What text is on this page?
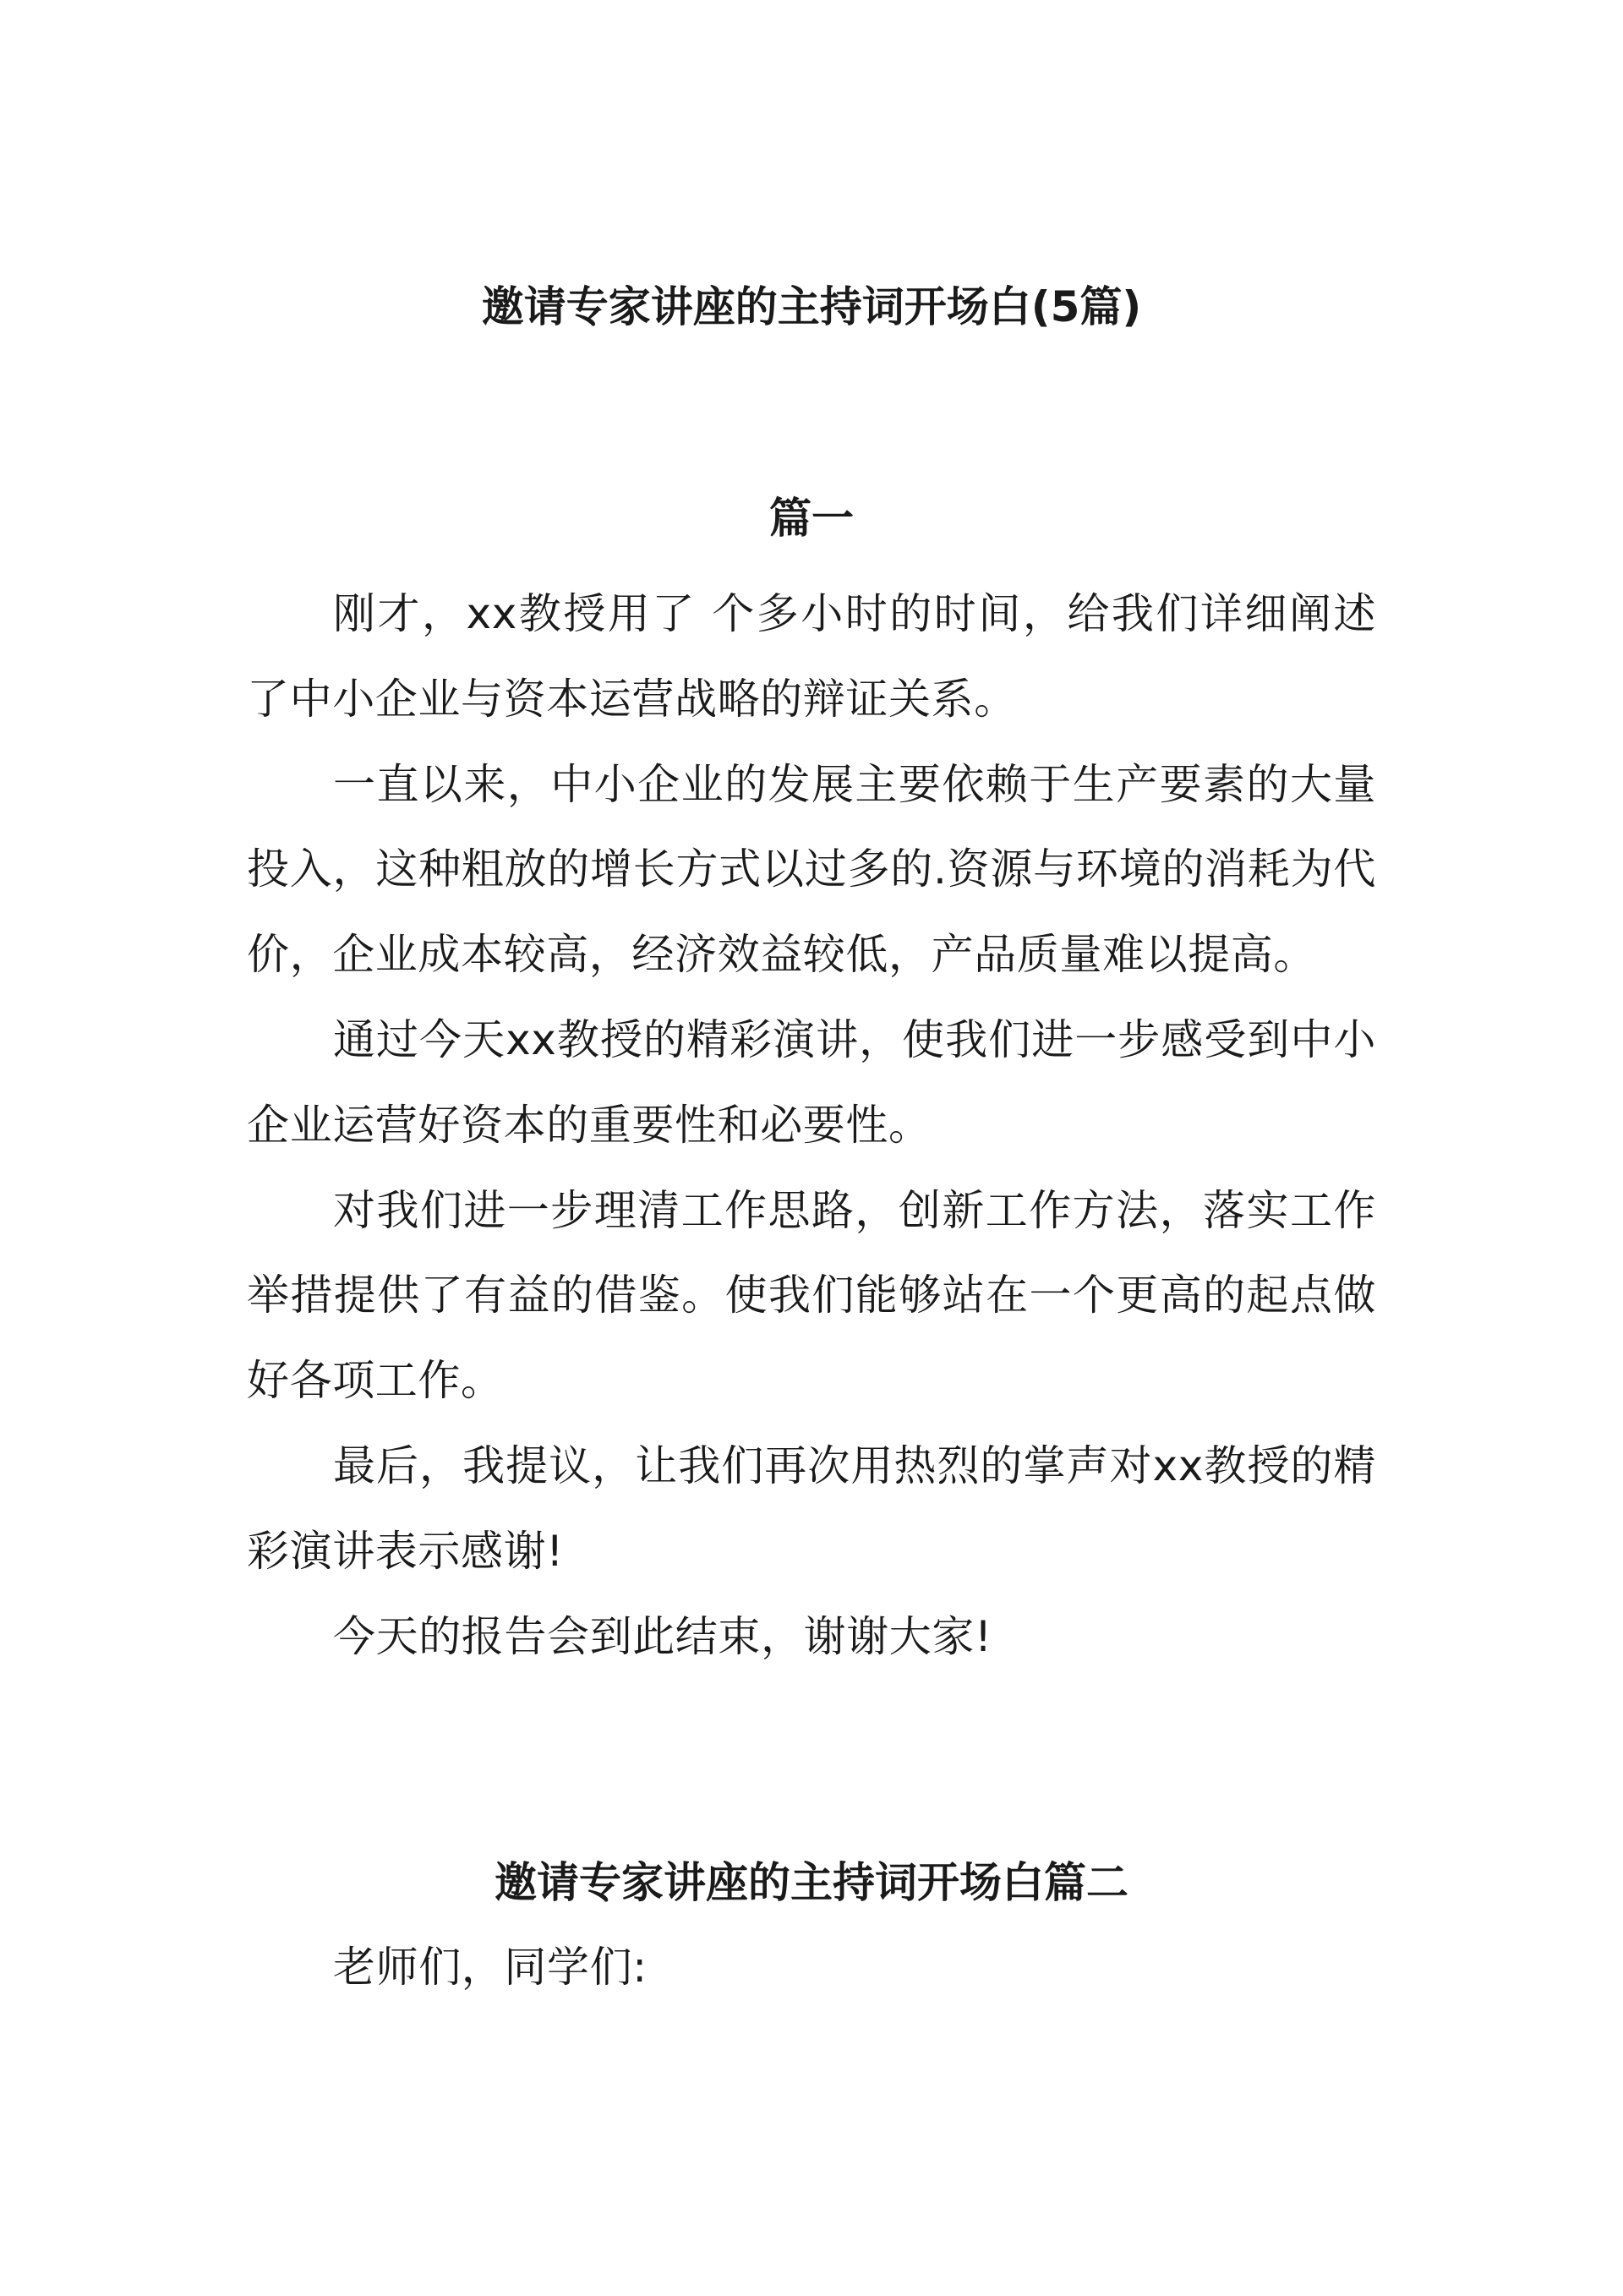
邀请专家讲座的主持词开场白(5篇)
篇一

刚才，xx教授用了 个多小时的时间，给我们详细阐述了中小企业与资本运营战略的辩证关系。

一直以来，中小企业的发展主要依赖于生产要素的大量投入，这种粗放的增长方式以过多的.资源与环境的消耗为代价，企业成本较高，经济效益较低，产品质量难以提高。

通过今天xx教授的精彩演讲，使我们进一步感受到中小企业运营好资本的重要性和必要性。

对我们进一步理清工作思路，创新工作方法，落实工作举措提供了有益的借鉴。使我们能够站在一个更高的起点做好各项工作。

最后，我提议，让我们再次用热烈的掌声对xx教授的精彩演讲表示感谢!

今天的报告会到此结束，谢谢大家!

邀请专家讲座的主持词开场白篇二

老师们，同学们:
